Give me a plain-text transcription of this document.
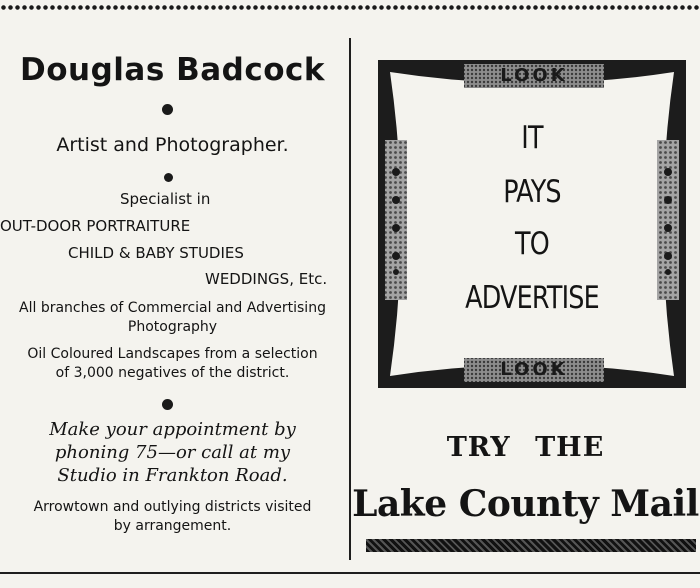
Douglas Badcock
Artist and Photographer.
Specialist in
OUT-DOOR PORTRAITURE
CHILD & BABY STUDIES
WEDDINGS, Etc.
All branches of Commercial and Advertising
Photography
Oil Coloured Landscapes from a selection
of 3,000 negatives of the district.
Make your appointment by
phoning 75—or call at my
Studio in Frankton Road.
Arrowtown and outlying districts visited
by arrangement.
LOOK
LOOK
IT
PAYS
TO
ADVERTISE
TRY THE
Lake County Mail
